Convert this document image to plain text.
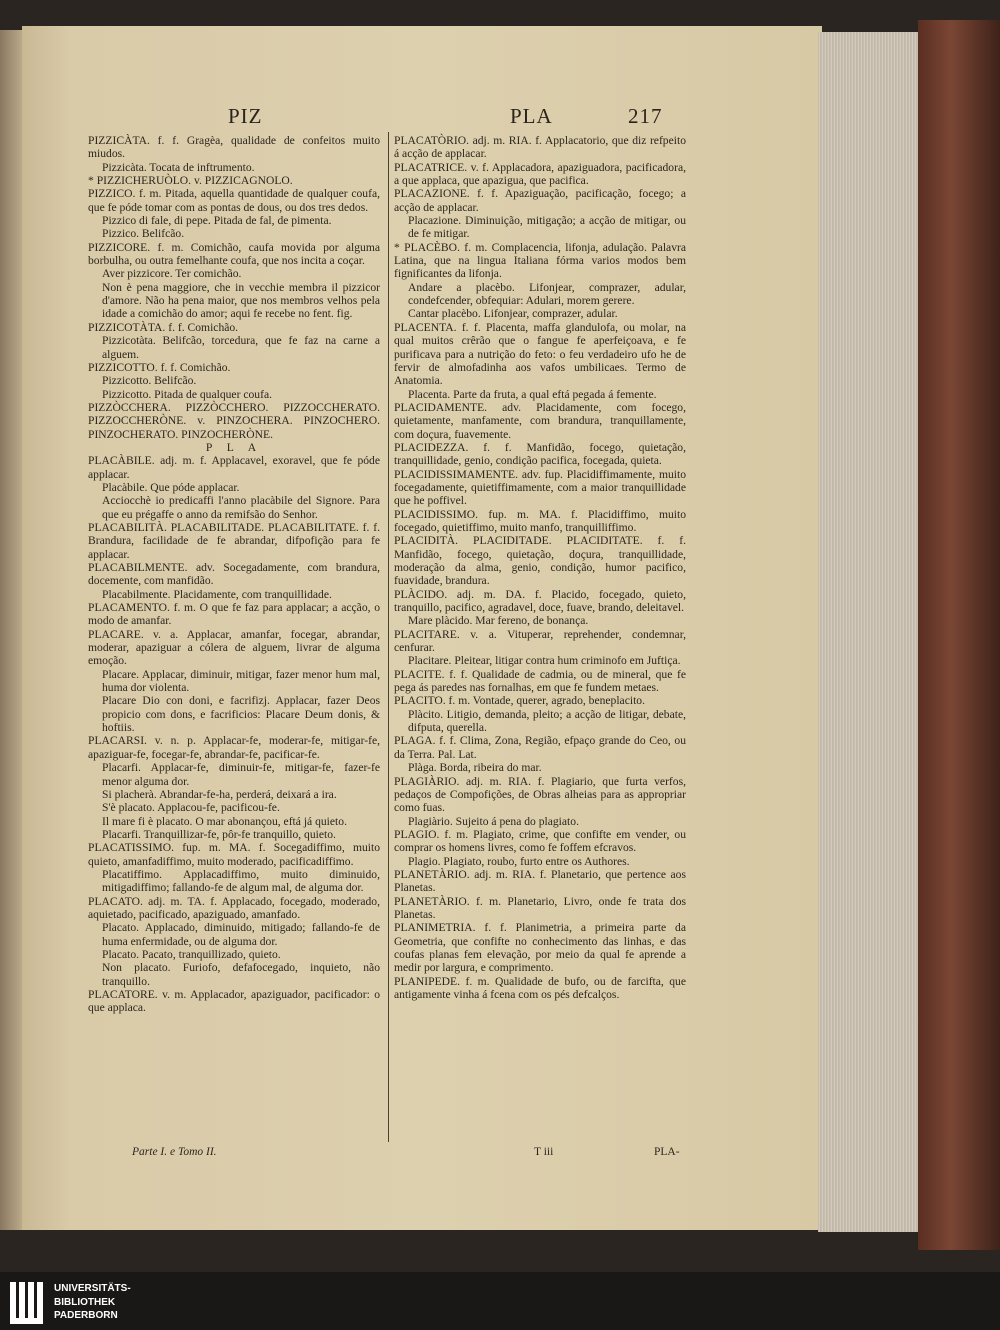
PIZ	PLA	217

PIZZICÀTA. f. f. Gragèa, qualidade de confeitos muito miudos.

Pizzicàta. Tocata de inftrumento.

* PIZZICHERUÒLO. v. PIZZICAGNOLO.

PIZZICO. f. m. Pitada, aquella quantidade de qualquer coufa, que fe póde tomar com as pontas de dous, ou dos tres dedos.

Pizzico di fale, di pepe. Pitada de fal, de pimenta.

Pizzico. Belifcão.

PIZZICORE. f. m. Comichão, caufa movida por alguma borbulha, ou outra femelhante coufa, que nos incita a coçar.

Aver pizzicore. Ter comichão.

Non è pena maggiore, che in vecchie membra il pizzicor d'amore. Não ha pena maior, que nos membros velhos pela idade a comichão do amor; aqui fe recebe no fent. fig.

PIZZICOTÀTA. f. f. Comichão.

Pizzicotàta. Belifcão, torcedura, que fe faz na carne a alguem.

PIZZICOTTO. f. f. Comichão.

Pizzicotto. Belifcão.

Pizzicotto. Pitada de qualquer coufa.

PIZZÒCCHERA. PIZZÒCCHERO. PIZZOCCHERATO. PIZZOCCHERÒNE. v. PINZOCHERA. PINZOCHERO. PINZOCHERATO. PINZOCHERÒNE.

P L A

PLACÀBILE. adj. m. f. Applacavel, exoravel, que fe póde applacar.

Placàbile. Que póde applacar.

Acciocchè io predicaffi l'anno placàbile del Signore. Para que eu prégaffe o anno da remifsão do Senhor.

PLACABILITÀ. PLACABILITADE. PLACABILITATE. f. f. Brandura, facilidade de fe abrandar, difpofição para fe applacar.

PLACABILMENTE. adv. Socegadamente, com brandura, docemente, com manfidão.

Placabilmente. Placidamente, com tranquillidade.

PLACAMENTO. f. m. O que fe faz para applacar; a acção, o modo de amanfar.

PLACARE. v. a. Applacar, amanfar, focegar, abrandar, moderar, apaziguar a cólera de alguem, livrar de alguma emoção.

Placare. Applacar, diminuir, mitigar, fazer menor hum mal, huma dor violenta.

Placare Dio con doni, e facrifizj. Applacar, fazer Deos propicio com dons, e facrificios: Placare Deum donis, & hoftiis.

PLACARSI. v. n. p. Applacar-fe, moderar-fe, mitigar-fe, apaziguar-fe, focegar-fe, abrandar-fe, pacificar-fe.

Placarfi. Applacar-fe, diminuir-fe, mitigar-fe, fazer-fe menor alguma dor.

Si placherà. Abrandar-fe-ha, perderá, deixará a ira.

S'è placato. Applacou-fe, pacificou-fe.

Il mare fi è placato. O mar abonançou, eftá já quieto.

Placarfi. Tranquillizar-fe, pôr-fe tranquillo, quieto.

PLACATISSIMO. fup. m. MA. f. Socegadiffimo, muito quieto, amanfadiffimo, muito moderado, pacificadiffimo.

Placatiffimo. Applacadiffimo, muito diminuido, mitigadiffimo; fallando-fe de algum mal, de alguma dor.

PLACATO. adj. m. TA. f. Applacado, focegado, moderado, aquietado, pacificado, apaziguado, amanfado.

Placato. Applacado, diminuido, mitigado; fallando-fe de huma enfermidade, ou de alguma dor.

Placato. Pacato, tranquillizado, quieto.

Non placato. Furiofo, defafocegado, inquieto, não tranquillo.

PLACATORE. v. m. Applacador, apaziguador, pacificador: o que applaca.

PLACATÒRIO. adj. m. RIA. f. Applacatorio, que diz refpeito á acção de applacar.

PLACATRICE. v. f. Applacadora, apaziguadora, pacificadora, a que applaca, que apazigua, que pacifica.

PLACAZIONE. f. f. Apaziguação, pacificação, focego; a acção de applacar.

Placazione. Diminuição, mitigação; a acção de mitigar, ou de fe mitigar.

* PLACÈBO. f. m. Complacencia, lifonja, adulação. Palavra Latina, que na lingua Italiana fórma varios modos bem fignificantes da lifonja.

Andare a placèbo. Lifonjear, comprazer, adular, condefcender, obfequiar: Adulari, morem gerere.

Cantar placèbo. Lifonjear, comprazer, adular.

PLACENTA. f. f. Placenta, maffa glandulofa, ou molar, na qual muitos crêrão que o fangue fe aperfeiçoava, e fe purificava para a nutrição do feto: o feu verdadeiro ufo he de fervir de almofadinha aos vafos umbilicaes. Termo de Anatomia.

Placenta. Parte da fruta, a qual eftá pegada á femente.

PLACIDAMENTE. adv. Placidamente, com focego, quietamente, manfamente, com brandura, tranquillamente, com doçura, fuavemente.

PLACIDEZZA. f. f. Manfidão, focego, quietação, tranquillidade, genio, condição pacifica, focegada, quieta.

PLACIDISSIMAMENTE. adv. fup. Placidiffimamente, muito focegadamente, quietiffimamente, com a maior tranquillidade que he poffivel.

PLACIDISSIMO. fup. m. MA. f. Placidiffimo, muito focegado, quietiffimo, muito manfo, tranquilliffimo.

PLACIDITÀ. PLACIDITADE. PLACIDITATE. f. f. Manfidão, focego, quietação, doçura, tranquillidade, moderação da alma, genio, condição, humor pacifico, fuavidade, brandura.

PLÀCIDO. adj. m. DA. f. Placido, focegado, quieto, tranquillo, pacifico, agradavel, doce, fuave, brando, deleitavel.

Mare plàcido. Mar fereno, de bonança.

PLACITARE. v. a. Vituperar, reprehender, condemnar, cenfurar.

Placitare. Pleitear, litigar contra hum criminofo em Juftiça.

PLACITE. f. f. Qualidade de cadmia, ou de mineral, que fe pega ás paredes nas fornalhas, em que fe fundem metaes.

PLACITO. f. m. Vontade, querer, agrado, beneplacito.

Plàcito. Litigio, demanda, pleito; a acção de litigar, debate, difputa, querella.

PLAGA. f. f. Clima, Zona, Região, efpaço grande do Ceo, ou da Terra. Pal. Lat.

Plàga. Borda, ribeira do mar.

PLAGIÀRIO. adj. m. RIA. f. Plagiario, que furta verfos, pedaços de Compofições, de Obras alheias para as appropriar como fuas.

Plagiàrio. Sujeito á pena do plagiato.

PLAGIO. f. m. Plagiato, crime, que confifte em vender, ou comprar os homens livres, como fe foffem efcravos.

Plagio. Plagiato, roubo, furto entre os Authores.

PLANETÀRIO. adj. m. RIA. f. Planetario, que pertence aos Planetas.

PLANETÀRIO. f. m. Planetario, Livro, onde fe trata dos Planetas.

PLANIMETRIA. f. f. Planimetria, a primeira parte da Geometria, que confifte no conhecimento das linhas, e das coufas planas fem elevação, por meio da qual fe aprende a medir por largura, e comprimento.

PLANIPEDE. f. m. Qualidade de bufo, ou de farcifta, que antigamente vinha á fcena com os pés defcalços.

Parte I. e Tomo II.	T iii	PLA-
UNIVERSITÄTS-
BIBLIOTHEK
PADERBORN
